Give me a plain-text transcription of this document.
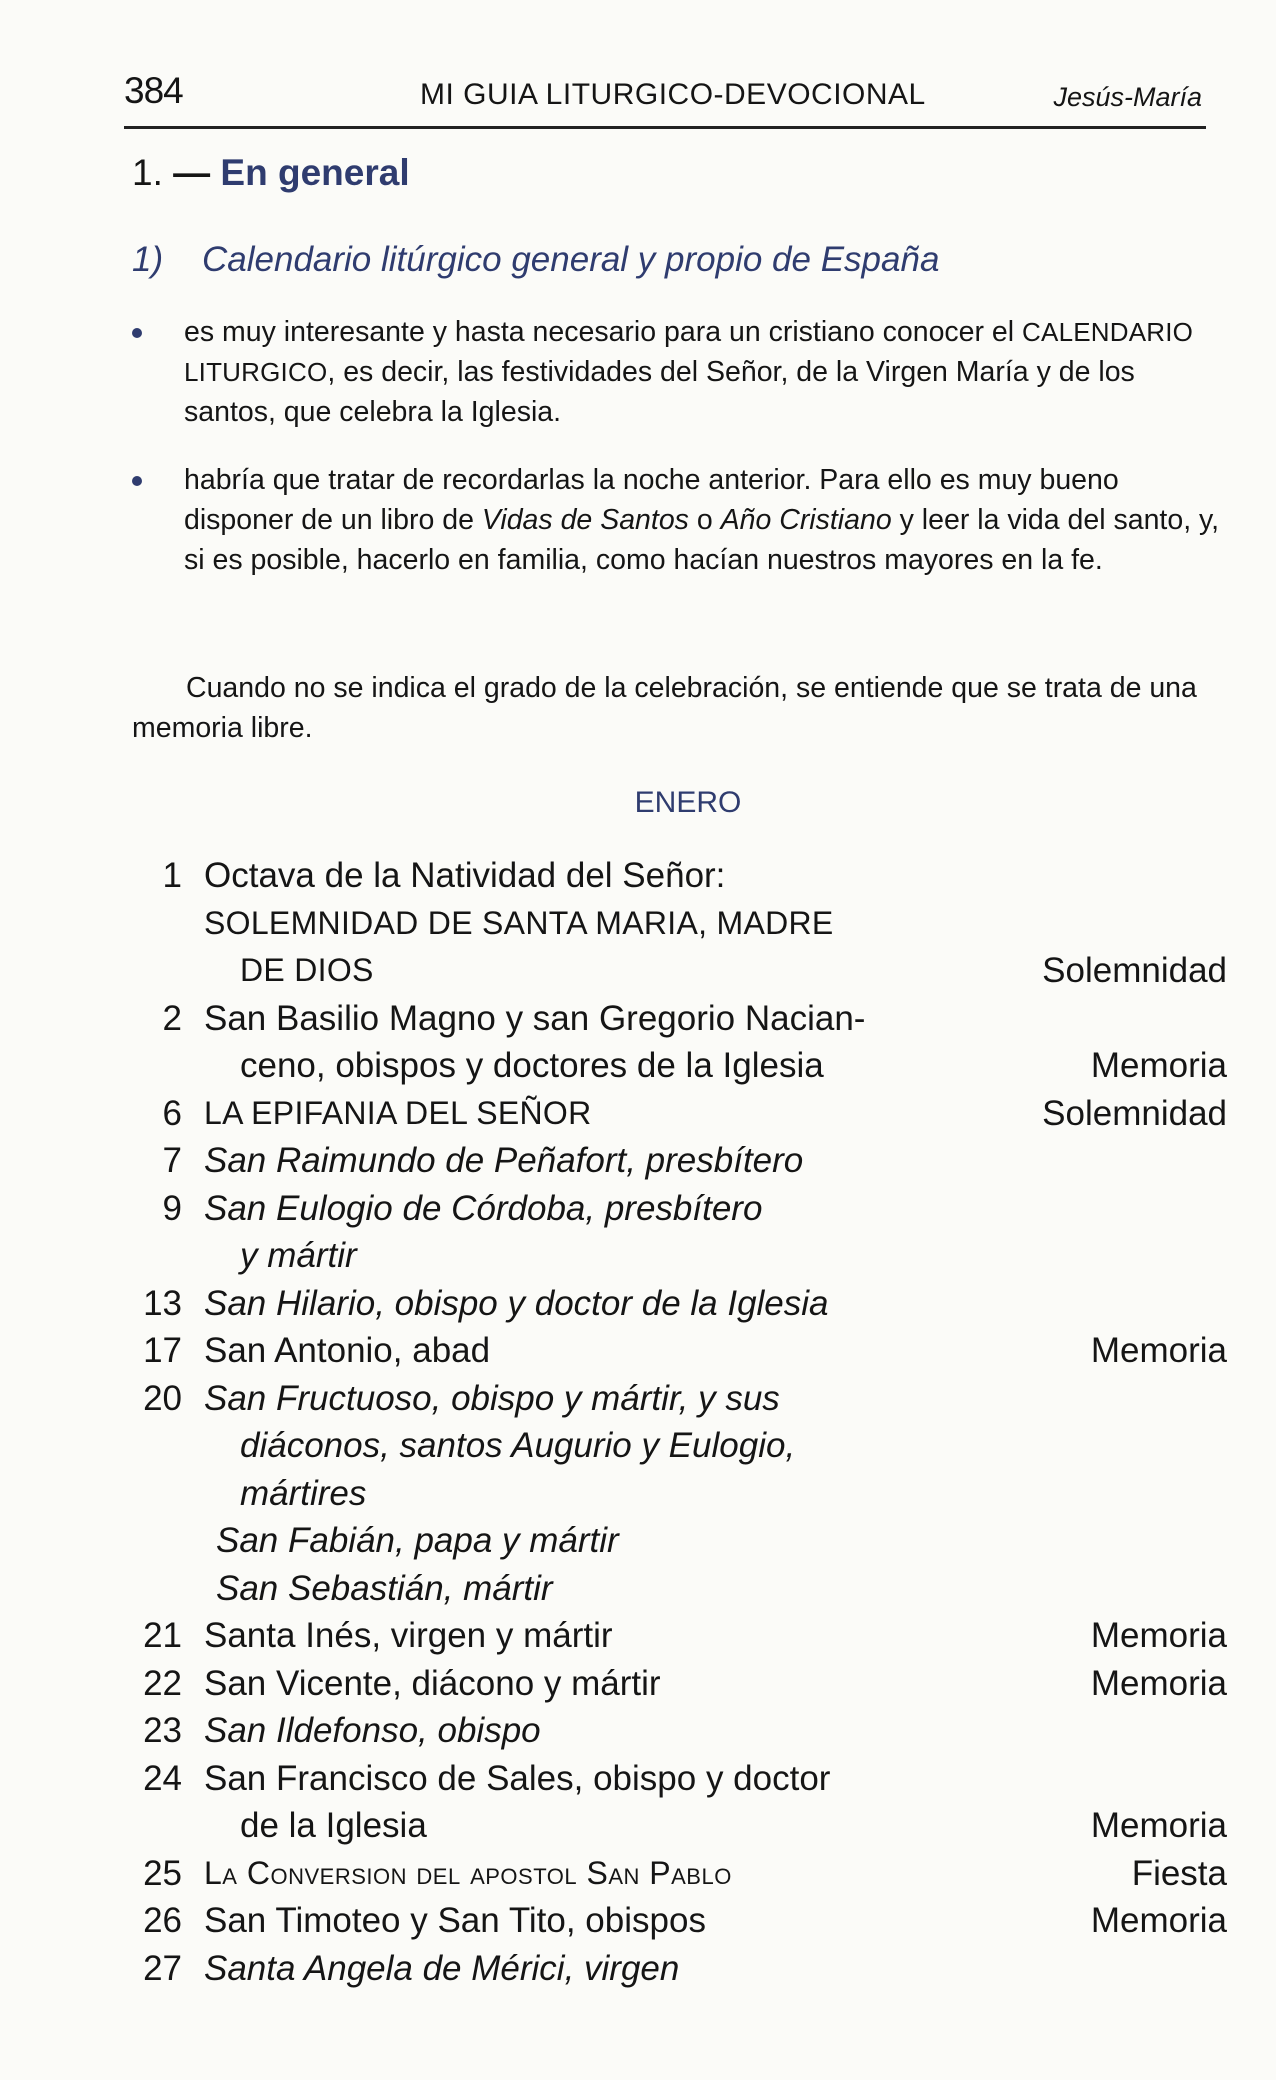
384	MI GUIA LITURGICO-DEVOCIONAL	Jesús-María
1. — En general
1) Calendario litúrgico general y propio de España
es muy interesante y hasta necesario para un cristiano conocer el CALENDARIO LITURGICO, es decir, las festividades del Señor, de la Virgen María y de los santos, que celebra la Iglesia.
habría que tratar de recordarlas la noche anterior. Para ello es muy bueno disponer de un libro de Vidas de Santos o Año Cristiano y leer la vida del santo, y, si es posible, hacerlo en familia, como hacían nuestros mayores en la fe.
Cuando no se indica el grado de la celebración, se entiende que se trata de una memoria libre.
ENERO
1 Octava de la Natividad del Señor:
SOLEMNIDAD DE SANTA MARIA, MADRE
DE DIOS	Solemnidad
2 San Basilio Magno y san Gregorio Nacian-
ceno, obispos y doctores de la Iglesia	Memoria
6 LA EPIFANIA DEL SEÑOR	Solemnidad
7 San Raimundo de Peñafort, presbítero
9 San Eulogio de Córdoba, presbítero
y mártir
13 San Hilario, obispo y doctor de la Iglesia
17 San Antonio, abad	Memoria
20 San Fructuoso, obispo y mártir, y sus
diáconos, santos Augurio y Eulogio,
mártires
San Fabián, papa y mártir
San Sebastián, mártir
21 Santa Inés, virgen y mártir	Memoria
22 San Vicente, diácono y mártir	Memoria
23 San Ildefonso, obispo
24 San Francisco de Sales, obispo y doctor
de la Iglesia	Memoria
25 La Conversion del apostol San Pablo	Fiesta
26 San Timoteo y San Tito, obispos	Memoria
27 Santa Angela de Mérici, virgen
